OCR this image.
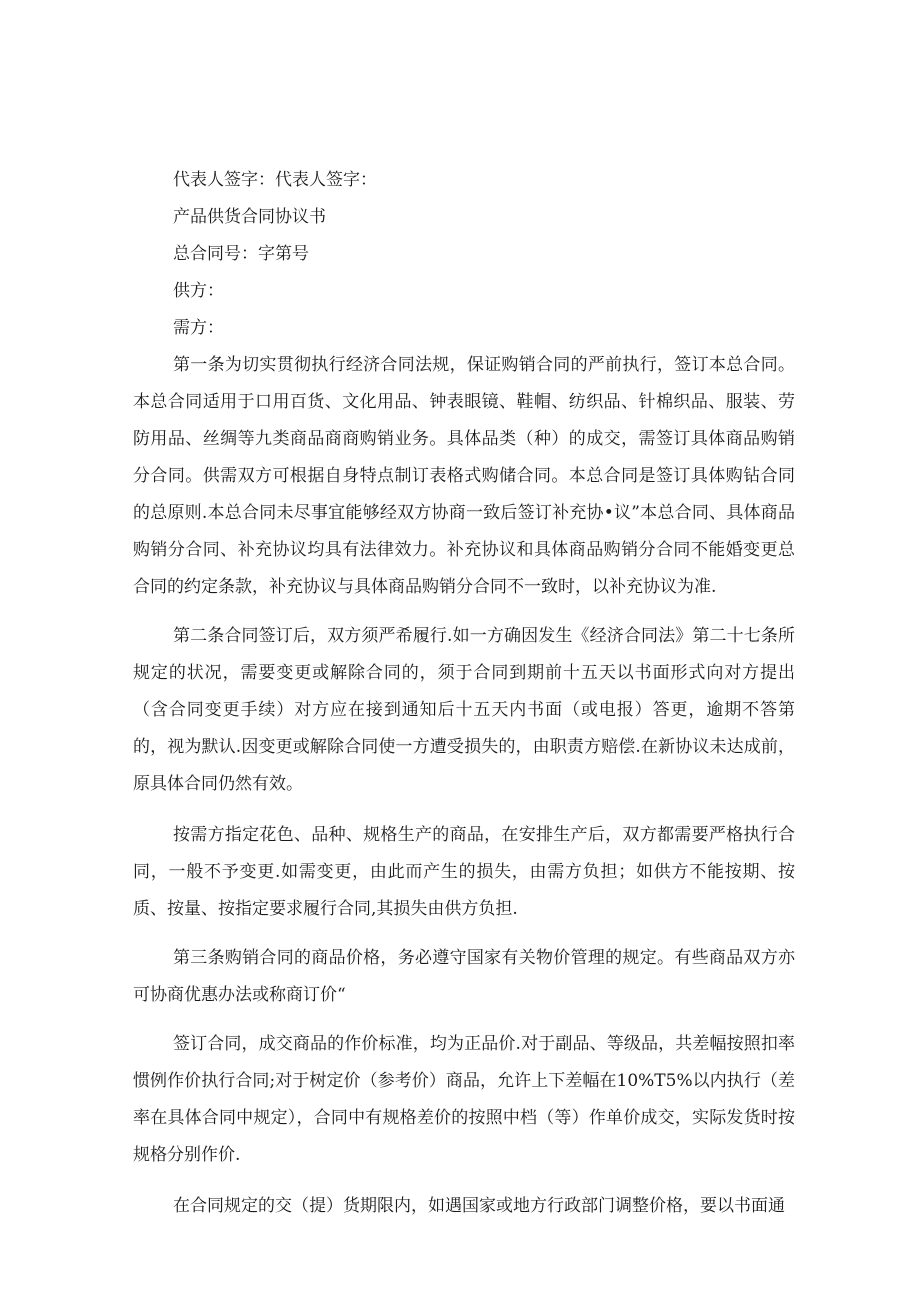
代表人签字：代表人签字：

产品供货合同协议书

总合同号：字第号

供方：

需方：

第一条为切实贯彻执行经济合同法规，保证购销合同的严前执行，签订本总合同。本总合同适用于口用百货、文化用品、钟表眼镜、鞋帽、纺织品、针棉织品、服装、劳防用品、丝绸等九类商品商商购销业务。具体品类（种）的成交，需签订具体商品购销分合同。供需双方可根据自身特点制订表格式购储合同。本总合同是签订具体购钻合同的总原则.本总合同未尽事宜能够经双方协商一致后签订补充协•议”本总合同、具体商品购销分合同、补充协议均具有法律效力。补充协议和具体商品购销分合同不能婚变更总合同的约定条款，补充协议与具体商品购销分合同不一致时，以补充协议为准.

第二条合同签订后，双方须严希履行.如一方确因发生《经济合同法》第二十七条所规定的状况，需要变更或解除合同的，须于合同到期前十五天以书面形式向对方提出（含合同变更手续）对方应在接到通知后十五天内书面（或电报）答更，逾期不答第的，视为默认.因变更或解除合同使一方遭受损失的，由职责方赔偿.在新协议未达成前，原具体合同仍然有效。

按需方指定花色、品种、规格生产的商品，在安排生产后，双方都需要严格执行合同，一般不予变更.如需变更，由此而产生的损失，由需方负担；如供方不能按期、按质、按量、按指定要求履行合同,其损失由供方负担.

第三条购销合同的商品价格，务必遵守国家有关物价管理的规定。有些商品双方亦可协商优惠办法或称商订价“

签订合同，成交商品的作价标准，均为正品价.对于副品、等级品，共差幅按照扣率惯例作价执行合同;对于树定价（参考价）商品，允许上下差幅在10%T5%以内执行（差率在具体合同中规定），合同中有规格差价的按照中档（等）作单价成交，实际发货时按规格分别作价.

在合同规定的交（提）货期限内，如遇国家或地方行政部门调整价格，要以书面通
